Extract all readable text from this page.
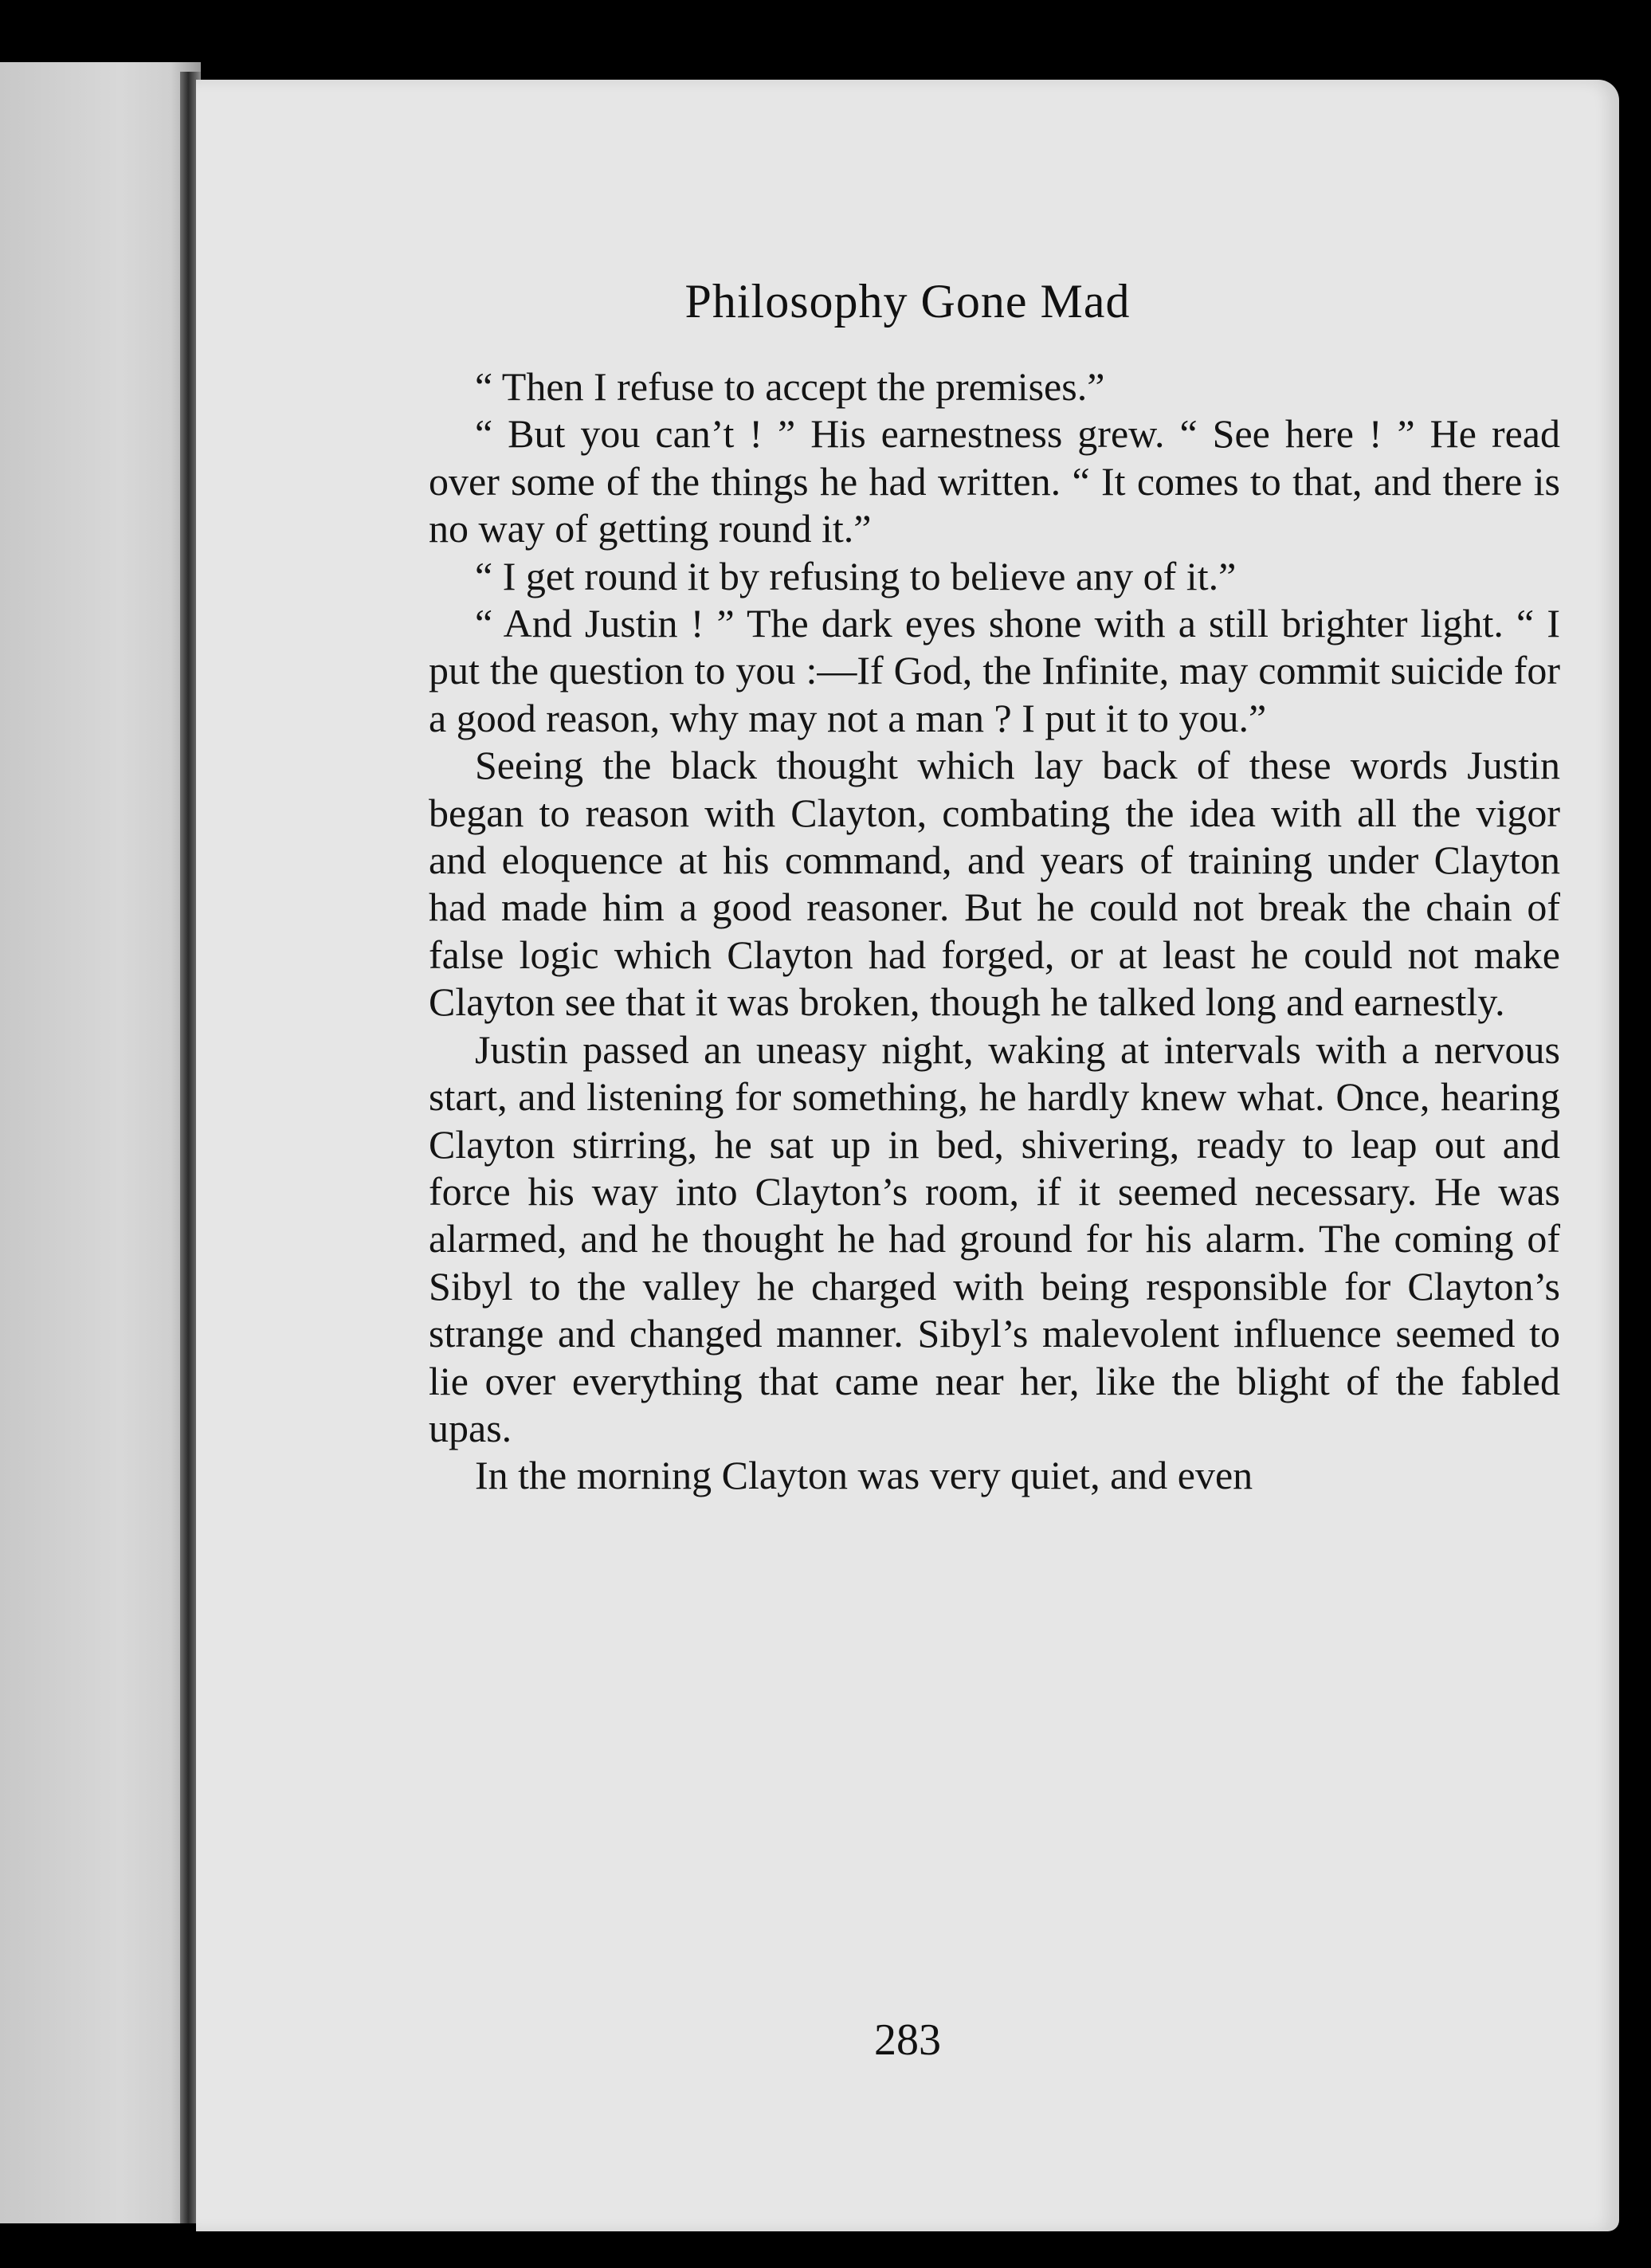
Philosophy Gone Mad

“ Then I refuse to accept the premises.”

“ But you can’t ! ” His earnestness grew. “ See here ! ” He read over some of the things he had written. “ It comes to that, and there is no way of getting round it.”

“ I get round it by refusing to believe any of it.”

“ And Justin ! ” The dark eyes shone with a still brighter light. “ I put the question to you :—If God, the Infinite, may commit suicide for a good reason, why may not a man ? I put it to you.”

Seeing the black thought which lay back of these words Justin began to reason with Clayton, combating the idea with all the vigor and eloquence at his command, and years of training under Clayton had made him a good reasoner. But he could not break the chain of false logic which Clayton had forged, or at least he could not make Clayton see that it was broken, though he talked long and earnestly.

Justin passed an uneasy night, waking at intervals with a nervous start, and listening for something, he hardly knew what. Once, hearing Clayton stirring, he sat up in bed, shivering, ready to leap out and force his way into Clayton’s room, if it seemed necessary. He was alarmed, and he thought he had ground for his alarm. The coming of Sibyl to the valley he charged with being responsible for Clayton’s strange and changed manner. Sibyl’s malevolent influence seemed to lie over everything that came near her, like the blight of the fabled upas.

In the morning Clayton was very quiet, and even

283
